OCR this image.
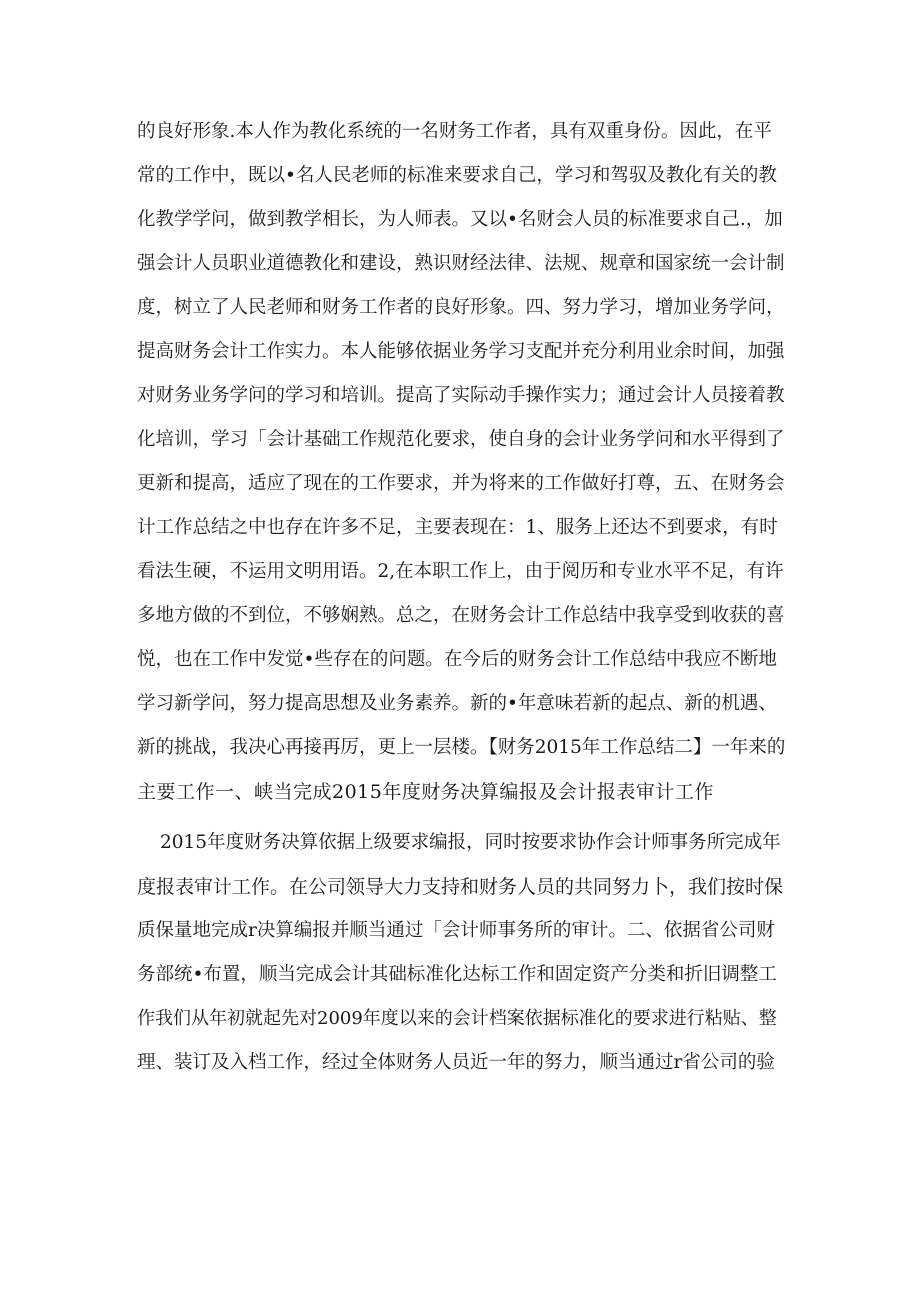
的良好形象.本人作为教化系统的一名财务工作者，具有双重身份。因此，在平

常的工作中，既以•名人民老师的标准来要求自己，学习和驾驭及教化有关的教

化教学学问，做到教学相长，为人师表。又以•名财会人员的标准要求自己.，加

强会计人员职业道德教化和建设，熟识财经法律、法规、规章和国家统一会计制

度，树立了人民老师和财务工作者的良好形象。四、努力学习，增加业务学问，

提高财务会计工作实力。本人能够依据业务学习支配并充分利用业余时间，加强

对财务业务学问的学习和培训。提高了实际动手操作实力；通过会计人员接着教

化培训，学习「会计基础工作规范化要求，使自身的会计业务学问和水平得到了

更新和提高，适应了现在的工作要求，并为将来的工作做好打尊，五、在财务会

计工作总结之中也存在许多不足，主要表现在：1、服务上还达不到要求，有时

看法生硬，不运用文明用语。2,在本职工作上，由于阅历和专业水平不足，有许

多地方做的不到位，不够娴熟。总之，在财务会计工作总结中我享受到收获的喜

悦，也在工作中发觉•些存在的问题。在今后的财务会计工作总结中我应不断地

学习新学问，努力提高思想及业务素养。新的•年意味若新的起点、新的机遇、

新的挑战，我决心再接再厉，更上一层楼。【财务2015年工作总结二】一年来的

主要工作一、峡当完成2015年度财务决算编报及会计报表审计工作

2015年度财务决算依据上级要求编报，同时按要求协作会计师事务所完成年

度报表审计工作。在公司领导大力支持和财务人员的共同努力卜，我们按时保

质保量地完成r决算编报并顺当通过「会计师事务所的审计。二、依据省公司财

务部统•布置，顺当完成会计其础标准化达标工作和固定资产分类和折旧调整工

作我们从年初就起先对2009年度以来的会计档案依据标准化的要求进行粘贴、整

理、装订及入档工作，经过全体财务人员近一年的努力，顺当通过r省公司的验
